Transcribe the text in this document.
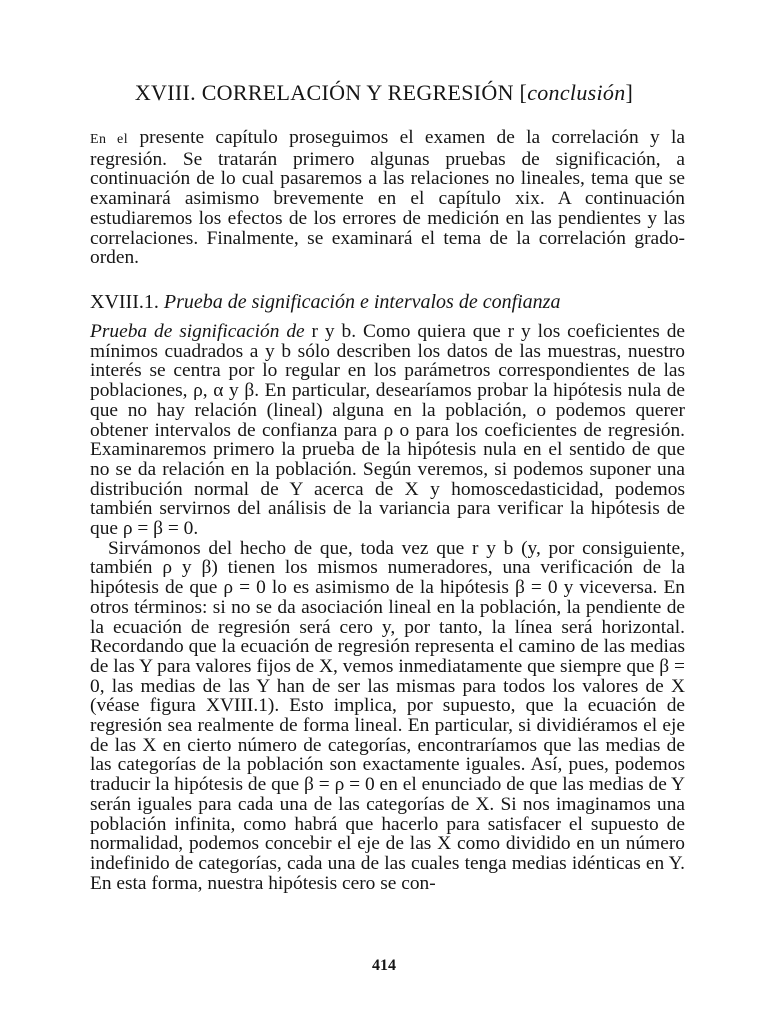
XVIII. CORRELACIÓN Y REGRESIÓN [conclusión]

En el presente capítulo proseguimos el examen de la correlación y la regresión. Se tratarán primero algunas pruebas de significación, a continuación de lo cual pasaremos a las relaciones no lineales, tema que se examinará asimismo brevemente en el capítulo xix. A continuación estudiaremos los efectos de los errores de medición en las pendientes y las correlaciones. Finalmente, se examinará el tema de la correlación grado-orden.

XVIII.1. Prueba de significación e intervalos de confianza

Prueba de significación de r y b. Como quiera que r y los coeficientes de mínimos cuadrados a y b sólo describen los datos de las muestras, nuestro interés se centra por lo regular en los parámetros correspondientes de las poblaciones, ρ, α y β. En particular, desearíamos probar la hipótesis nula de que no hay relación (lineal) alguna en la población, o podemos querer obtener intervalos de confianza para ρ o para los coeficientes de regresión. Examinaremos primero la prueba de la hipótesis nula en el sentido de que no se da relación en la población. Según veremos, si podemos suponer una distribución normal de Y acerca de X y homoscedasticidad, podemos también servirnos del análisis de la variancia para verificar la hipótesis de que ρ = β = 0.

Sirvámonos del hecho de que, toda vez que r y b (y, por consiguiente, también ρ y β) tienen los mismos numeradores, una verificación de la hipótesis de que ρ = 0 lo es asimismo de la hipótesis β = 0 y viceversa. En otros términos: si no se da asociación lineal en la población, la pendiente de la ecuación de regresión será cero y, por tanto, la línea será horizontal. Recordando que la ecuación de regresión representa el camino de las medias de las Y para valores fijos de X, vemos inmediatamente que siempre que β = 0, las medias de las Y han de ser las mismas para todos los valores de X (véase figura XVIII.1). Esto implica, por supuesto, que la ecuación de regresión sea realmente de forma lineal. En particular, si dividiéramos el eje de las X en cierto número de categorías, encontraríamos que las medias de las categorías de la población son exactamente iguales. Así, pues, podemos traducir la hipótesis de que β = ρ = 0 en el enunciado de que las medias de Y serán iguales para cada una de las categorías de X. Si nos imaginamos una población infinita, como habrá que hacerlo para satisfacer el supuesto de normalidad, podemos concebir el eje de las X como dividido en un número indefinido de categorías, cada una de las cuales tenga medias idénticas en Y. En esta forma, nuestra hipótesis cero se con-

414
